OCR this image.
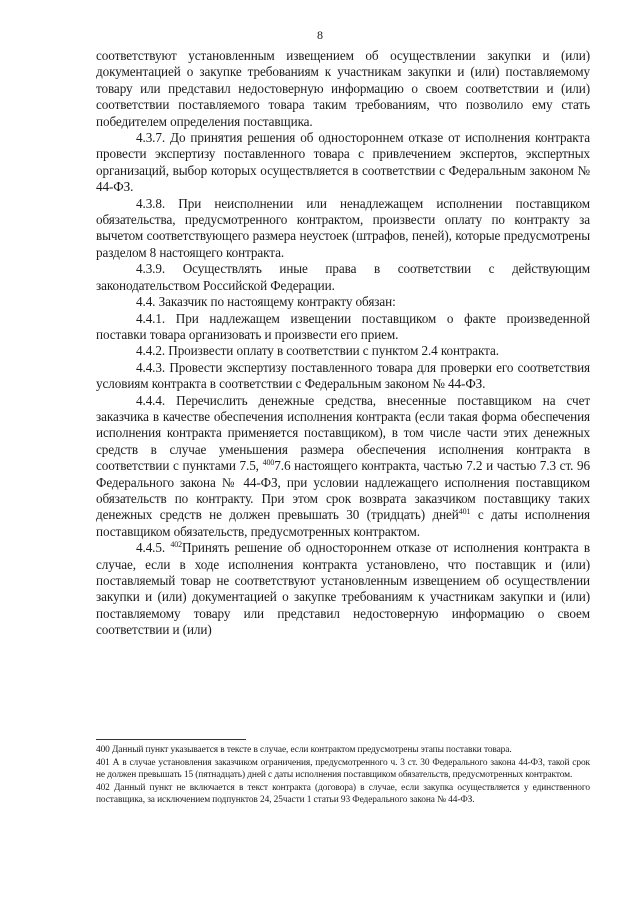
8

соответствуют установленным извещением об осуществлении закупки и (или) документацией о закупке требованиям к участникам закупки и (или) поставляемому товару или представил недостоверную информацию о своем соответствии и (или) соответствии поставляемого товара таким требованиям, что позволило ему стать победителем определения поставщика.

4.3.7. До принятия решения об одностороннем отказе от исполнения контракта провести экспертизу поставленного товара с привлечением экспертов, экспертных организаций, выбор которых осуществляется в соответствии с Федеральным законом № 44-ФЗ.

4.3.8. При неисполнении или ненадлежащем исполнении поставщиком обязательства, предусмотренного контрактом, произвести оплату по контракту за вычетом соответствующего размера неустоек (штрафов, пеней), которые предусмотрены разделом 8 настоящего контракта.

4.3.9. Осуществлять иные права в соответствии с действующим законодательством Российской Федерации.

4.4. Заказчик по настоящему контракту обязан:

4.4.1. При надлежащем извещении поставщиком о факте произведенной поставки товара организовать и произвести его прием.

4.4.2. Произвести оплату в соответствии с пунктом 2.4 контракта.

4.4.3. Провести экспертизу поставленного товара для проверки его соответствия условиям контракта в соответствии с Федеральным законом № 44-ФЗ.

4.4.4. Перечислить денежные средства, внесенные поставщиком на счет заказчика в качестве обеспечения исполнения контракта (если такая форма обеспечения исполнения контракта применяется поставщиком), в том числе части этих денежных средств в случае уменьшения размера обеспечения исполнения контракта в соответствии с пунктами 7.5, $^{400}$7.6 настоящего контракта, частью 7.2 и частью 7.3 ст. 96 Федерального закона № 44-ФЗ, при условии надлежащего исполнения поставщиком обязательств по контракту. При этом срок возврата заказчиком поставщику таких денежных средств не должен превышать 30 (тридцать) дней$^{401}$ с даты исполнения поставщиком обязательств, предусмотренных контрактом.

4.4.5. $^{402}$Принять решение об одностороннем отказе от исполнения контракта в случае, если в ходе исполнения контракта установлено, что поставщик и (или) поставляемый товар не соответствуют установленным извещением об осуществлении закупки и (или) документацией о закупке требованиям к участникам закупки и (или) поставляемому товару или представил недостоверную информацию о своем соответствии и (или)

400 Данный пункт указывается в тексте в случае, если контрактом предусмотрены этапы поставки товара.

401 А в случае установления заказчиком ограничения, предусмотренного ч. 3 ст. 30 Федерального закона 44-ФЗ, такой срок не должен превышать 15 (пятнадцать) дней с даты исполнения поставщиком обязательств, предусмотренных контрактом.

402 Данный пункт не включается в текст контракта (договора) в случае, если закупка осуществляется у единственного поставщика, за исключением подпунктов 24, 25части 1 статьи 93 Федерального закона № 44-ФЗ.
